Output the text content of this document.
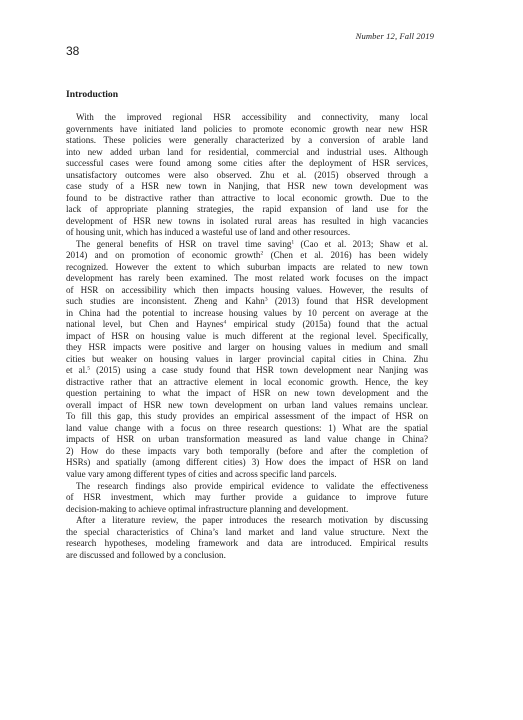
Number 12, Fall 2019
38
Introduction
With the improved regional HSR accessibility and connectivity, many local
governments have initiated land policies to promote economic growth near new HSR
stations. These policies were generally characterized by a conversion of arable land
into new added urban land for residential, commercial and industrial uses. Although
successful cases were found among some cities after the deployment of HSR services,
unsatisfactory outcomes were also observed. Zhu et al. (2015) observed through a
case study of a HSR new town in Nanjing, that HSR new town development was
found to be distractive rather than attractive to local economic growth. Due to the
lack of appropriate planning strategies, the rapid expansion of land use for the
development of HSR new towns in isolated rural areas has resulted in high vacancies
of housing unit, which has induced a wasteful use of land and other resources.
The general benefits of HSR on travel time saving$^1$ (Cao et al. 2013; Shaw et al.
2014) and on promotion of economic growth$^2$ (Chen et al. 2016) has been widely
recognized. However the extent to which suburban impacts are related to new town
development has rarely been examined. The most related work focuses on the impact
of HSR on accessibility which then impacts housing values. However, the results of
such studies are inconsistent. Zheng and Kahn$^3$ (2013) found that HSR development
in China had the potential to increase housing values by 10 percent on average at the
national level, but Chen and Haynes$^4$ empirical study (2015a) found that the actual
impact of HSR on housing value is much different at the regional level. Specifically,
they HSR impacts were positive and larger on housing values in medium and small
cities but weaker on housing values in larger provincial capital cities in China. Zhu
et al.$^5$ (2015) using a case study found that HSR town development near Nanjing was
distractive rather that an attractive element in local economic growth. Hence, the key
question pertaining to what the impact of HSR on new town development and the
overall impact of HSR new town development on urban land values remains unclear.
To fill this gap, this study provides an empirical assessment of the impact of HSR on
land value change with a focus on three research questions: 1) What are the spatial
impacts of HSR on urban transformation measured as land value change in China?
2) How do these impacts vary both temporally (before and after the completion of
HSRs) and spatially (among different cities) 3) How does the impact of HSR on land
value vary among different types of cities and across specific land parcels.
The research findings also provide empirical evidence to validate the effectiveness
of HSR investment, which may further provide a guidance to improve future
decision-making to achieve optimal infrastructure planning and development.
After a literature review, the paper introduces the research motivation by discussing
the special characteristics of China’s land market and land value structure. Next the
research hypotheses, modeling framework and data are introduced. Empirical results
are discussed and followed by a conclusion.
